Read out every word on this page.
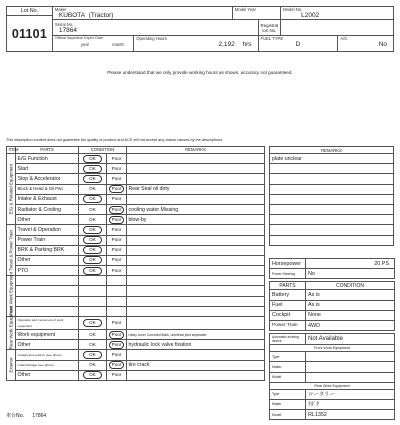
Lot No.	Maker
KUBOTA  (Tractor)		Model Year		Model No.
L2002	

01101						

	Serial No.
17864			Registrat ion No.		

	Official Inspection Expire Date
year month	Operating Hours
2,192 hrs		FUEL TYPE
D		A/C
No
Please understand that we only provide working hours as shown, accuracy not guaranteed.
This description content does not guarantee the quality of product and ACE will not accept any claims caused by the descriptions.
ITEM	PARTS	CONDITION		REMARKS
E/G & Related Equipment	E/G Function	OK	Poor	
	Start	OK	Poor	
	Stop & Accelerator	OK	Poor	
	Block & Head & Oil Pan	OK	Poor	Rear Seal oil dirty
	Intake & Exhaust	OK	Poor	
	Radiator & Cooling	OK	Poor	cooling water Missing
	Other	OK	Poor	blow-by
Travel & Power Train	Travel & Operation	OK	Poor	
	Power Train	OK	Poor	
	BRK & Parking BRK	OK	Poor	
	Other	OK	Poor	
	PTO	OK	Poor	
Front Work Equipment				

Rear Work Equipment	Operation and movement of work equipment	OK	Poor	
	Work equipment	OK	Poor	rotary cover Corroded Bolts, universal joint separated
	Other	OK	Poor	hydraulic lock valve fixation
Exterior	Cockpit and exterior (see photo)	OK	Poor	
	Undercarriage (see photo)	OK	Poor	tire crack
	Other	OK	Poor	
REMARKS
plate unclear

Horsepower	20 PS
Power Steering	No

PARTS	CONDITION
Battery	As is
Fuel	As is
Cockpit	None
Power Train	4WD

Automatic leveling device	Not Available
Front Work Equipment	
Type	
Maker	
Model	
Rear Work Equipment	
Type	ロータリー
Maker	ｸﾎﾞﾀ
Model	RL1352
車台No. 17864
